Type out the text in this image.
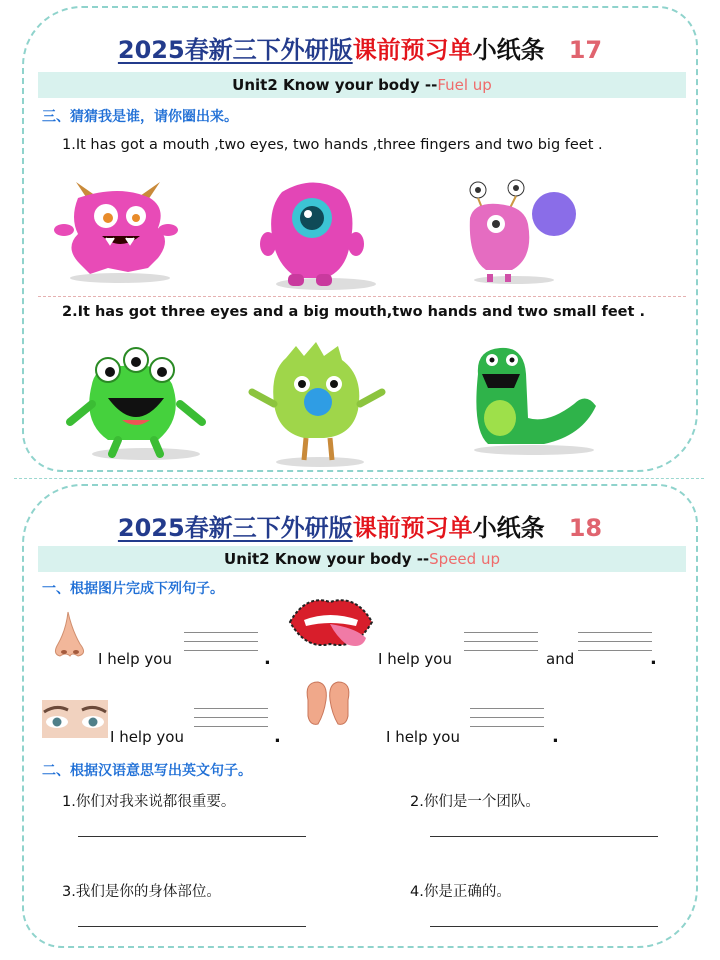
2025春新三下外研版课前预习单小纸条 17
Unit2 Know your body --Fuel up
三、猜猜我是谁，请你圈出来。
1.It has got a mouth ,two eyes, two hands ,three fingers and two big feet .
2.It has got three eyes and a big mouth,two hands and two small feet .
2025春新三下外研版课前预习单小纸条 18
Unit2 Know your body --Speed up
一、根据图片完成下列句子。
I help you	.	I help you	and	.
I help you	.	I help you	.
二、根据汉语意思写出英文句子。
1.你们对我来说都很重要。	2.你们是一个团队。
3.我们是你的身体部位。	4.你是正确的。
